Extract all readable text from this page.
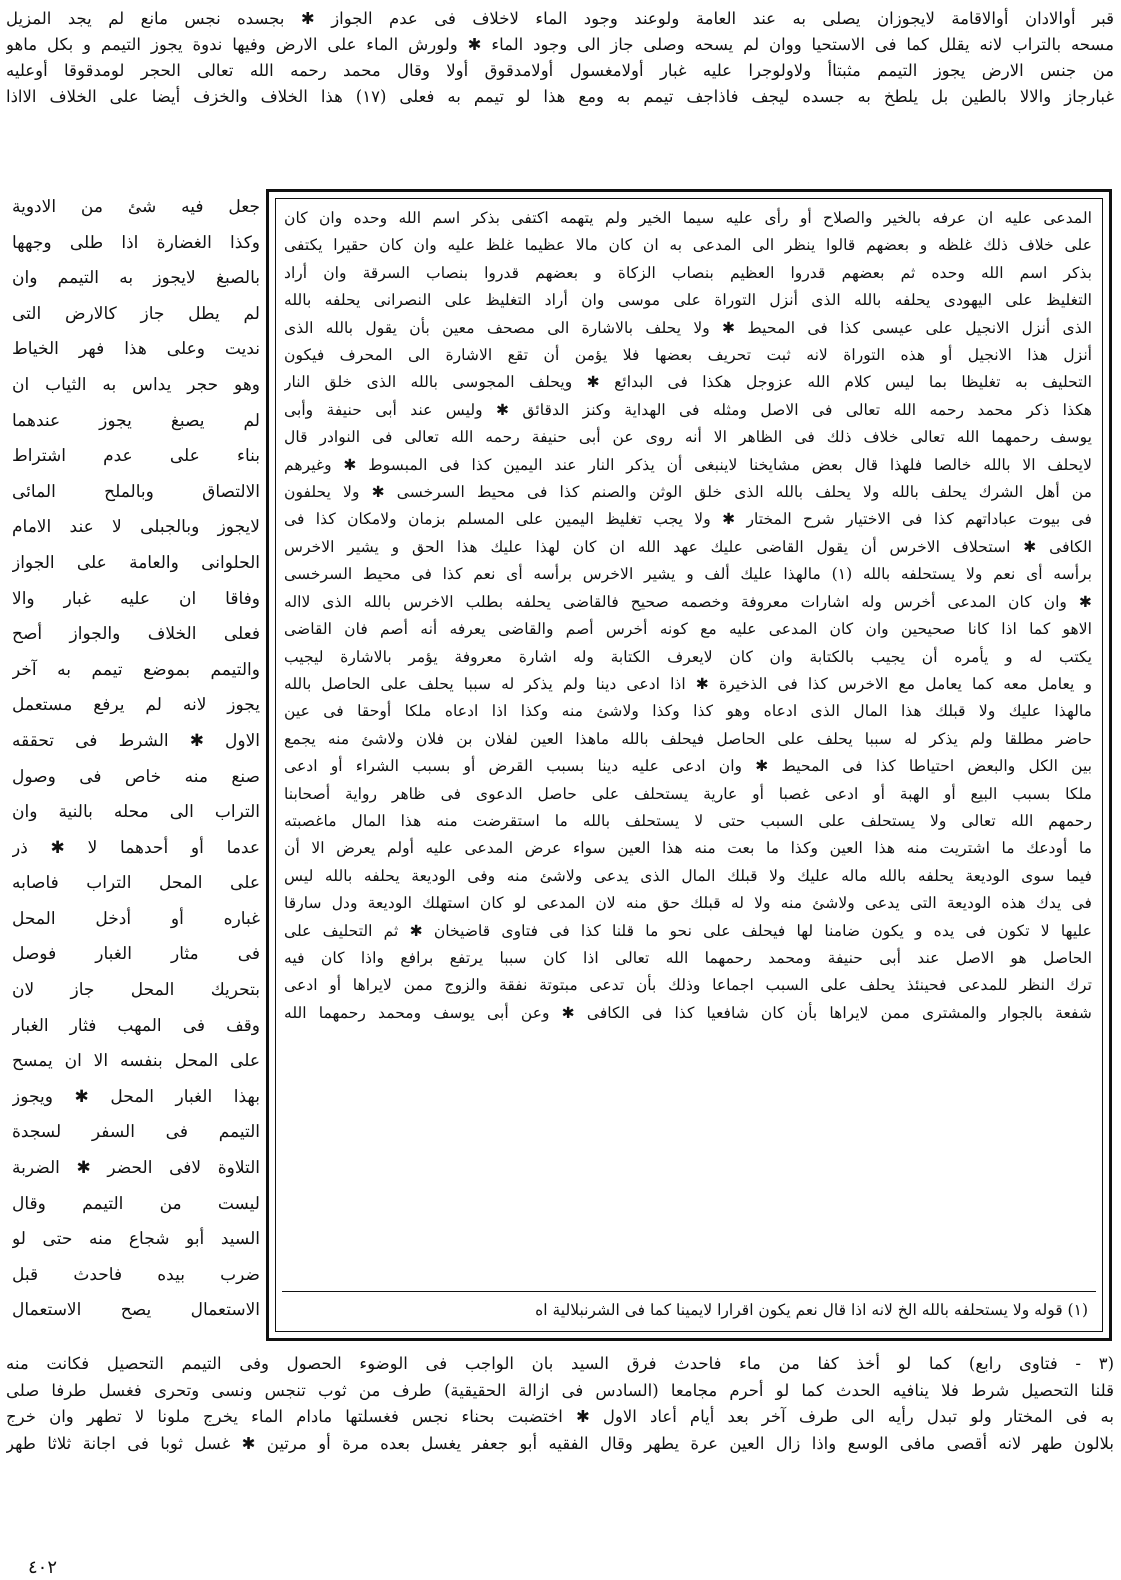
قبر أوالادان أوالاقامة لايجوزان يصلى به عند العامة ولوعند وجود الماء لاخلاف فى عدم الجواز ✱ بجسده نجس مانع لم يجد المزيل
مسحه بالتراب لانه يقلل كما فى الاستحيا ووان لم يسحه وصلى جاز الى وجود الماء ✱ ولورش الماء على الارض وفيها ندوة يجوز التيمم و بكل ماهو
من جنس الارض يجوز التيمم مثبتاأ ولاولوجرا عليه غبار أولامغسول أولامدقوق أولا وقال محمد رحمه الله تعالى الحجر لومدقوقا أوعليه
غبارجاز والالا بالطين بل يلطخ به جسده ليجف فاذاجف تيمم به ومع هذا لو تيمم به فعلى (١٧) هذا الخلاف والخزف أيضا على الخلاف الااذا
المدعى عليه ان عرفه بالخير والصلاح أو رأى عليه سيما الخير ولم يتهمه اكتفى بذكر اسم الله وحده وان كان
على خلاف ذلك غلظه و بعضهم قالوا ينظر الى المدعى به ان كان مالا عظيما غلظ عليه وان كان حقيرا يكتفى
بذكر اسم الله وحده ثم بعضهم قدروا العظيم بنصاب الزكاة و بعضهم قدروا بنصاب السرقة وان أراد
التغليظ على اليهودى يحلفه بالله الذى أنزل التوراة على موسى وان أراد التغليظ على النصرانى يحلفه بالله
الذى أنزل الانجيل على عيسى كذا فى المحيط ✱ ولا يحلف بالاشارة الى مصحف معين بأن يقول بالله الذى
أنزل هذا الانجيل أو هذه التوراة لانه ثبت تحريف بعضها فلا يؤمن أن تقع الاشارة الى المحرف فيكون
التحليف به تغليظا بما ليس كلام الله عزوجل هكذا فى البدائع ✱ ويحلف المجوسى بالله الذى خلق النار
هكذا ذكر محمد رحمه الله تعالى فى الاصل ومثله فى الهداية وكنز الدقائق ✱ وليس عند أبى حنيفة وأبى
يوسف رحمهما الله تعالى خلاف ذلك فى الظاهر الا أنه روى عن أبى حنيفة رحمه الله تعالى فى النوادر قال
لايحلف الا بالله خالصا فلهذا قال بعض مشايخنا لاينبغى أن يذكر النار عند اليمين كذا فى المبسوط ✱ وغيرهم
من أهل الشرك يحلف بالله ولا يحلف بالله الذى خلق الوثن والصنم كذا فى محيط السرخسى ✱ ولا يحلفون
فى بيوت عباداتهم كذا فى الاختيار شرح المختار ✱ ولا يجب تغليظ اليمين على المسلم بزمان ولامكان كذا فى
الكافى ✱ استحلاف الاخرس أن يقول القاضى عليك عهد الله ان كان لهذا عليك هذا الحق و يشير الاخرس
برأسه أى نعم ولا يستحلفه بالله (١) مالهذا عليك ألف و يشير الاخرس برأسه أى نعم كذا فى محيط السرخسى
✱ وان كان المدعى أخرس وله اشارات معروفة وخصمه صحيح فالقاضى يحلفه بطلب الاخرس بالله الذى لااله
الاهو كما اذا كانا صحيحين وان كان المدعى عليه مع كونه أخرس أصم والقاضى يعرفه أنه أصم فان القاضى
يكتب له و يأمره أن يجيب بالكتابة وان كان لايعرف الكتابة وله اشارة معروفة يؤمر بالاشارة ليجيب
و يعامل معه كما يعامل مع الاخرس كذا فى الذخيرة ✱ اذا ادعى دينا ولم يذكر له سببا يحلف على الحاصل بالله
مالهذا عليك ولا قبلك هذا المال الذى ادعاه وهو كذا وكذا ولاشئ منه وكذا اذا ادعاه ملكا أوحقا فى عين
حاضر مطلقا ولم يذكر له سببا يحلف على الحاصل فيحلف بالله ماهذا العين لفلان بن فلان ولاشئ منه يجمع
بين الكل والبعض احتياطا كذا فى المحيط ✱ وان ادعى عليه دينا بسبب القرض أو بسبب الشراء أو ادعى
ملكا بسبب البيع أو الهبة أو ادعى غصبا أو عارية يستحلف على حاصل الدعوى فى ظاهر رواية أصحابنا
رحمهم الله تعالى ولا يستحلف على السبب حتى لا يستحلف بالله ما استقرضت منه هذا المال ماغصبته
ما أودعك ما اشتريت منه هذا العين وكذا ما بعت منه هذا العين سواء عرض المدعى عليه أولم يعرض الا أن
فيما سوى الوديعة يحلفه بالله ماله عليك ولا قبلك المال الذى يدعى ولاشئ منه وفى الوديعة يحلفه بالله ليس
فى يدك هذه الوديعة التى يدعى ولاشئ منه ولا له قبلك حق منه لان المدعى لو كان استهلك الوديعة ودل سارقا
عليها لا تكون فى يده و يكون ضامنا لها فيحلف على نحو ما قلنا كذا فى فتاوى قاضيخان ✱ ثم التحليف على
الحاصل هو الاصل عند أبى حنيفة ومحمد رحمهما الله تعالى اذا كان سببا يرتفع برافع واذا كان فيه
ترك النظر للمدعى فحينئذ يحلف على السبب اجماعا وذلك بأن تدعى مبتوتة نفقة والزوج ممن لايراها أو ادعى
شفعة بالجوار والمشترى ممن لايراها بأن كان شافعيا كذا فى الكافى ✱ وعن أبى يوسف ومحمد رحمهما الله
(١) قوله ولا يستحلفه بالله الخ لانه اذا قال نعم يكون اقرارا لايمينا كما فى الشرنبلالية اه
جعل فيه شئ من الادوية
وكذا الغضارة اذا طلى وجهها
بالصبغ لايجوز به التيمم وان
لم يطل جاز كالارض التى
نديت وعلى هذا فهر الخياط
وهو حجر يداس به الثياب ان
لم يصبغ يجوز عندهما
بناء على عدم اشتراط
الالتصاق وبالملح المائى
لايجوز وبالجبلى لا عند الامام
الحلوانى والعامة على الجواز
وفاقا ان عليه غبار والا
فعلى الخلاف والجواز أصح
والتيمم بموضع تيمم به آخر
يجوز لانه لم يرفع مستعمل
الاول ✱ الشرط فى تحققه
صنع منه خاص فى وصول
التراب الى محله بالنية وان
عدما أو أحدهما لا ✱ ذر
على المحل التراب فاصابه
غباره أو أدخل المحل
فى مثار الغبار فوصل
بتحريك المحل جاز لان
وقف فى المهب فثار الغبار
على المحل بنفسه الا ان يمسح
بهذا الغبار المحل ✱ ويجوز
التيمم فى السفر لسجدة
التلاوة لافى الحضر ✱ الضربة
ليست من التيمم وقال
السيد أبو شجاع منه حتى لو
ضرب بيده فاحدث قبل
الاستعمال يصح الاستعمال
(٣ - فتاوى رابع) كما لو أخذ كفا من ماء فاحدث فرق السيد بان الواجب فى الوضوء الحصول وفى التيمم التحصيل فكانت منه
قلنا التحصيل شرط فلا ينافيه الحدث كما لو أحرم مجامعا (السادس فى ازالة الحقيقية) طرف من ثوب تنجس ونسى وتحرى فغسل طرفا صلى
به فى المختار ولو تبدل رأيه الى طرف آخر بعد أيام أعاد الاول ✱ اختضبت بحناء نجس فغسلتها مادام الماء يخرج ملونا لا تطهر وان خرج
بلالون طهر لانه أقصى مافى الوسع واذا زال العين عرة يطهر وقال الفقيه أبو جعفر يغسل بعده مرة أو مرتين ✱ غسل ثوبا فى اجانة ثلاثا طهر
٤٠٢
